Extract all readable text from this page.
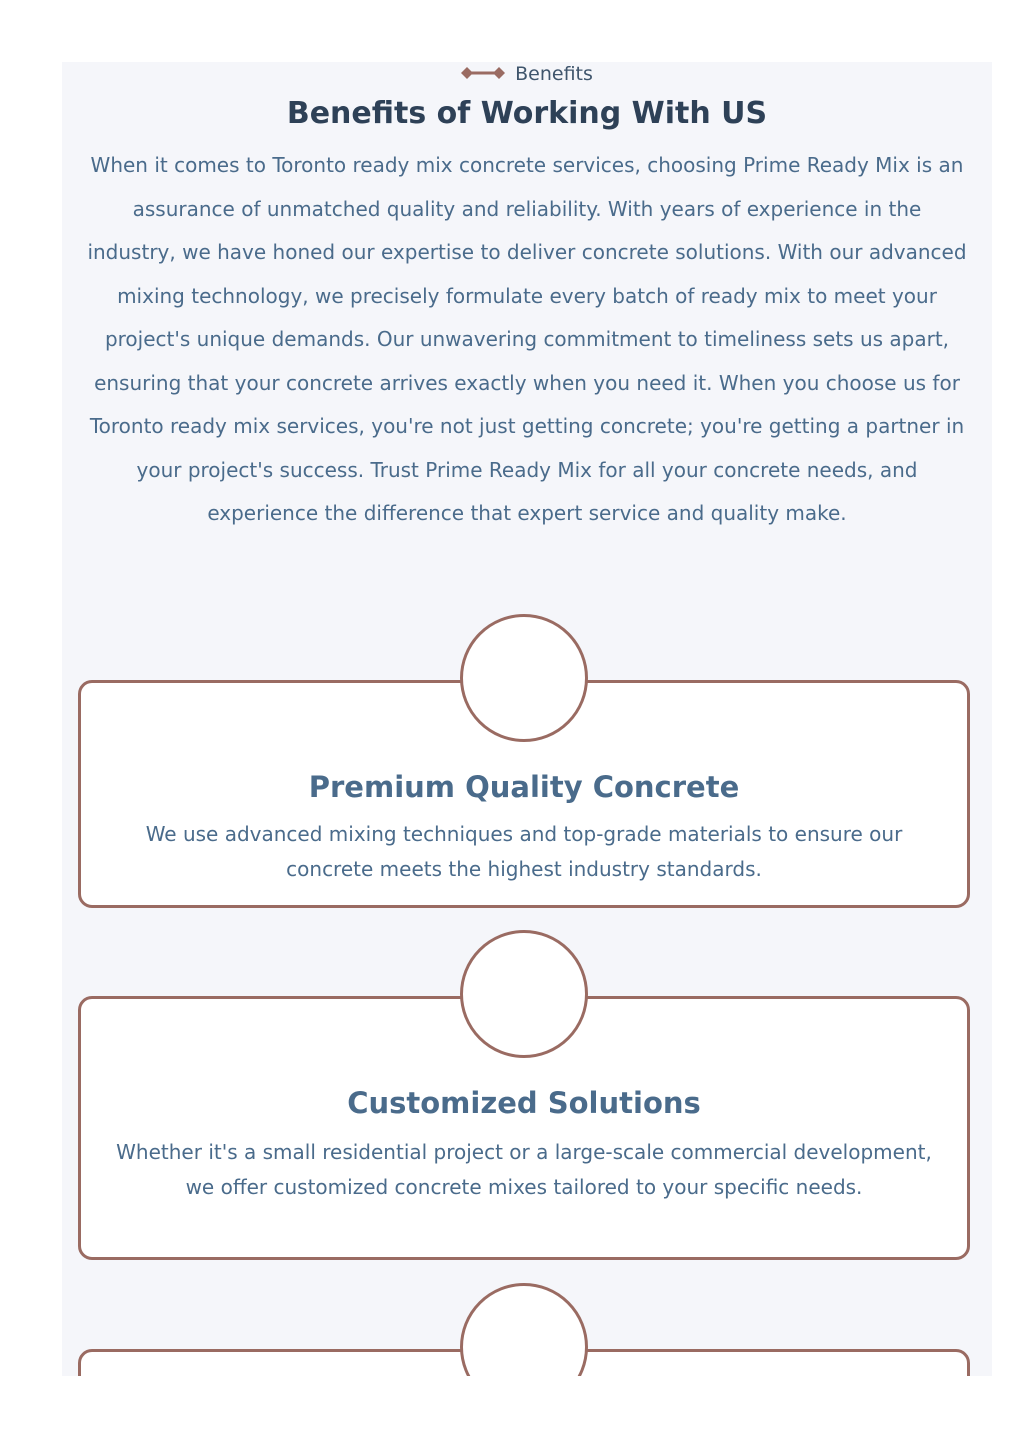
Benefits
Benefits of Working With US

When it comes to Toronto ready mix concrete services, choosing Prime Ready Mix is an assurance of unmatched quality and reliability. With years of experience in the industry, we have honed our expertise to deliver concrete solutions. With our advanced mixing technology, we precisely formulate every batch of ready mix to meet your project's unique demands. Our unwavering commitment to timeliness sets us apart, ensuring that your concrete arrives exactly when you need it. When you choose us for Toronto ready mix services, you're not just getting concrete; you're getting a partner in your project's success. Trust Prime Ready Mix for all your concrete needs, and experience the difference that expert service and quality make.

Premium Quality Concrete

We use advanced mixing techniques and top-grade materials to ensure our concrete meets the highest industry standards.

Customized Solutions

Whether it's a small residential project or a large-scale commercial development, we offer customized concrete mixes tailored to your specific needs.
